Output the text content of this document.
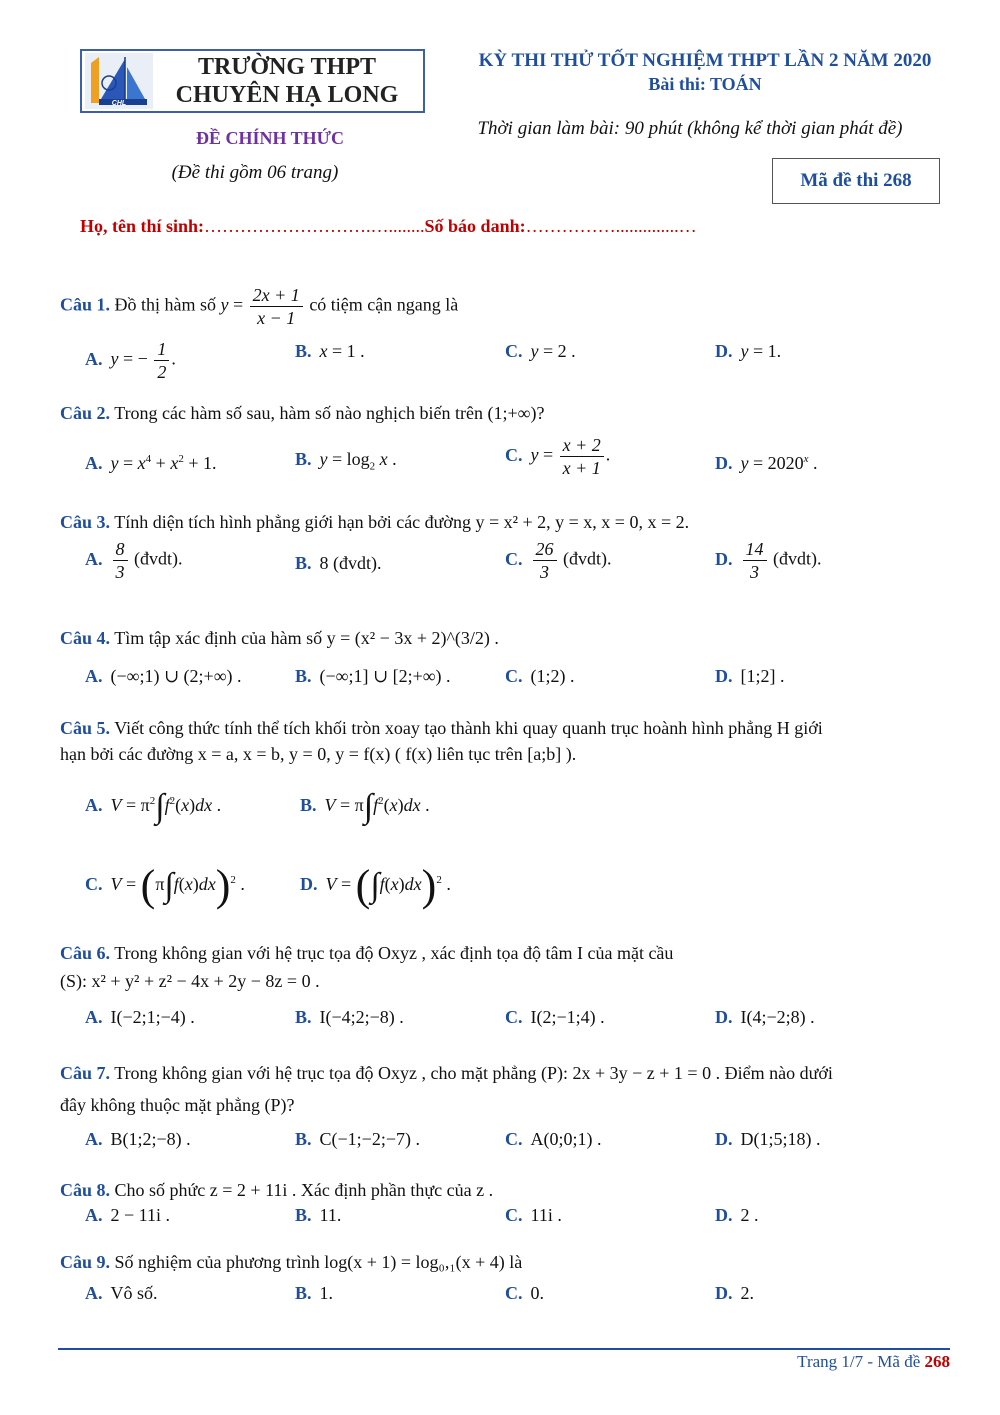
CHL
TRƯỜNG THPT
CHUYÊN HẠ LONG
KỲ THI THỬ TỐT NGHIỆM THPT LẦN 2 NĂM 2020
Bài thi: TOÁN
ĐỀ CHÍNH THỨC	Thời gian làm bài: 90 phút (không kể thời gian phát đề)
(Đề thi gồm 06 trang)	Mã đề thi 268
Họ, tên thí sinh:……………………….…........Số báo danh:……………..............…
Câu 1. Đồ thị hàm số $y = \frac{2x + 1}{x - 1}$ có tiệm cận ngang là
A. y = − $\frac{1}{2}$ .	B. x = 1 .	C. y = 2 .	D. y = 1.
Câu 2. Trong các hàm số sau, hàm số nào nghịch biến trên (1;+∞)?
A. $y = x^4 + x^2 + 1$.	B. $y = \log_2 x$ .	C. $y = \frac{x + 2}{x + 1}$ .	D. $y = 2020^x$ .
Câu 3. Tính diện tích hình phẳng giới hạn bởi các đường y = x² + 2, y = x, x = 0, x = 2.
A. $\frac{8}{3}$ (đvdt).	B. 8 (đvdt).	C. $\frac{26}{3}$ (đvdt).	D. $\frac{14}{3}$ (đvdt).
Câu 4. Tìm tập xác định của hàm số y = (x² − 3x + 2)^(3/2) .
A. (−∞;1) ∪ (2;+∞) .	B. (−∞;1] ∪ [2;+∞) .	C. (1;2) .	D. [1;2] .
Câu 5. Viết công thức tính thể tích khối tròn xoay tạo thành khi quay quanh trục hoành hình phẳng H giới
hạn bởi các đường x = a, x = b, y = 0, y = f(x) ( f(x) liên tục trên [a;b] ).
A. $V = \pi^2\int f^2(x)dx$ .	B. $V = \pi\int f^2(x)dx$ .
C. $V = (\pi\int f(x)dx)^2$ .	D. $V = (\int f(x)dx)^2$ .
Câu 6. Trong không gian với hệ trục tọa độ Oxyz , xác định tọa độ tâm I của mặt cầu
(S): x² + y² + z² − 4x + 2y − 8z = 0 .
A. I(−2;1;−4) .	B. I(−4;2;−8) .	C. I(2;−1;4) .	D. I(4;−2;8) .
Câu 7. Trong không gian với hệ trục tọa độ Oxyz , cho mặt phẳng (P): 2x + 3y − z + 1 = 0 . Điểm nào dưới
đây không thuộc mặt phẳng (P)?
A. B(1;2;−8) .	B. C(−1;−2;−7) .	C. A(0;0;1) .	D. D(1;5;18) .
Câu 8. Cho số phức z = 2 + 11i . Xác định phần thực của z .
A. 2 − 11i .	B. 11.	C. 11i .	D. 2 .
Câu 9. Số nghiệm của phương trình log(x + 1) = log₀,₁(x + 4) là
A. Vô số.	B. 1.	C. 0.	D. 2.
Trang 1/7 - Mã đề 268
